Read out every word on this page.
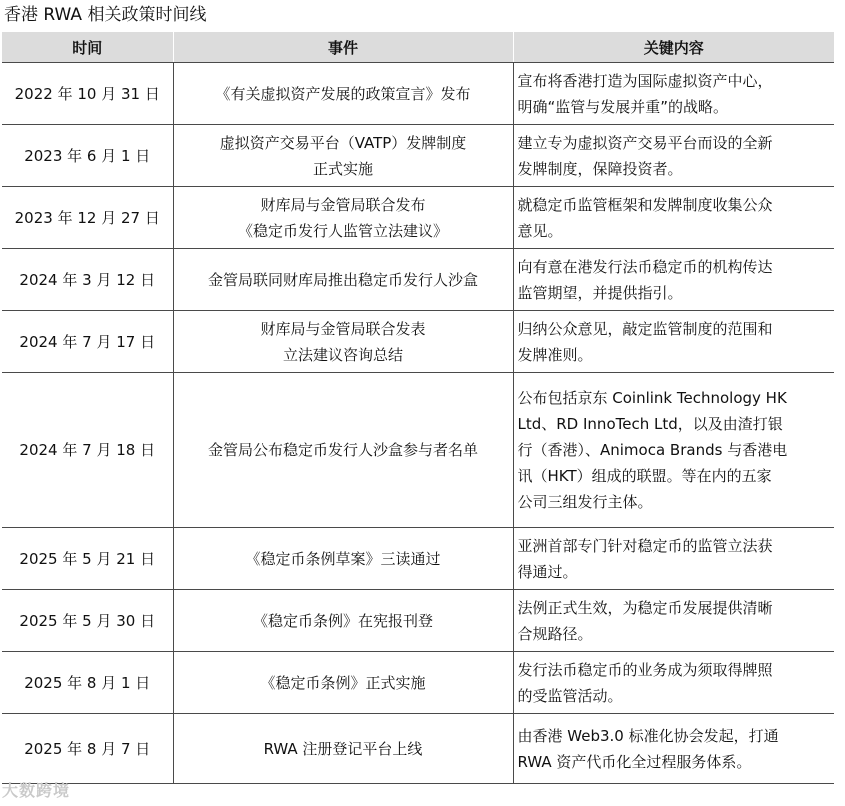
香港 RWA 相关政策时间线
时间	事件	关键内容
2022 年 10 月 31 日	《有关虚拟资产发展的政策宣言》发布	宣布将香港打造为国际虚拟资产中心，
明确“监管与发展并重”的战略。

2023 年 6 月 1 日	虚拟资产交易平台（VATP）发牌制度
正式实施	建立专为虚拟资产交易平台而设的全新
发牌制度，保障投资者。

2023 年 12 月 27 日	财库局与金管局联合发布
《稳定币发行人监管立法建议》	就稳定币监管框架和发牌制度收集公众
意见。

2024 年 3 月 12 日	金管局联同财库局推出稳定币发行人沙盒	向有意在港发行法币稳定币的机构传达
监管期望，并提供指引。

2024 年 7 月 17 日	财库局与金管局联合发表
立法建议咨询总结	归纳公众意见，敲定监管制度的范围和
发牌准则。

2024 年 7 月 18 日	金管局公布稳定币发行人沙盒参与者名单	公布包括京东 Coinlink Technology HK
Ltd、RD InnoTech Ltd，以及由渣打银
行（香港）、Animoca Brands 与香港电
讯（HKT）组成的联盟。等在内的五家
公司三组发行主体。

2025 年 5 月 21 日	《稳定币条例草案》三读通过	亚洲首部专门针对稳定币的监管立法获
得通过。

2025 年 5 月 30 日	《稳定币条例》在宪报刊登	法例正式生效，为稳定币发展提供清晰
合规路径。

2025 年 8 月 1 日	《稳定币条例》正式实施	发行法币稳定币的业务成为须取得牌照
的受监管活动。

2025 年 8 月 7 日	RWA 注册登记平台上线	由香港 Web3.0 标准化协会发起，打通
RWA 资产代币化全过程服务体系。
大数跨境
